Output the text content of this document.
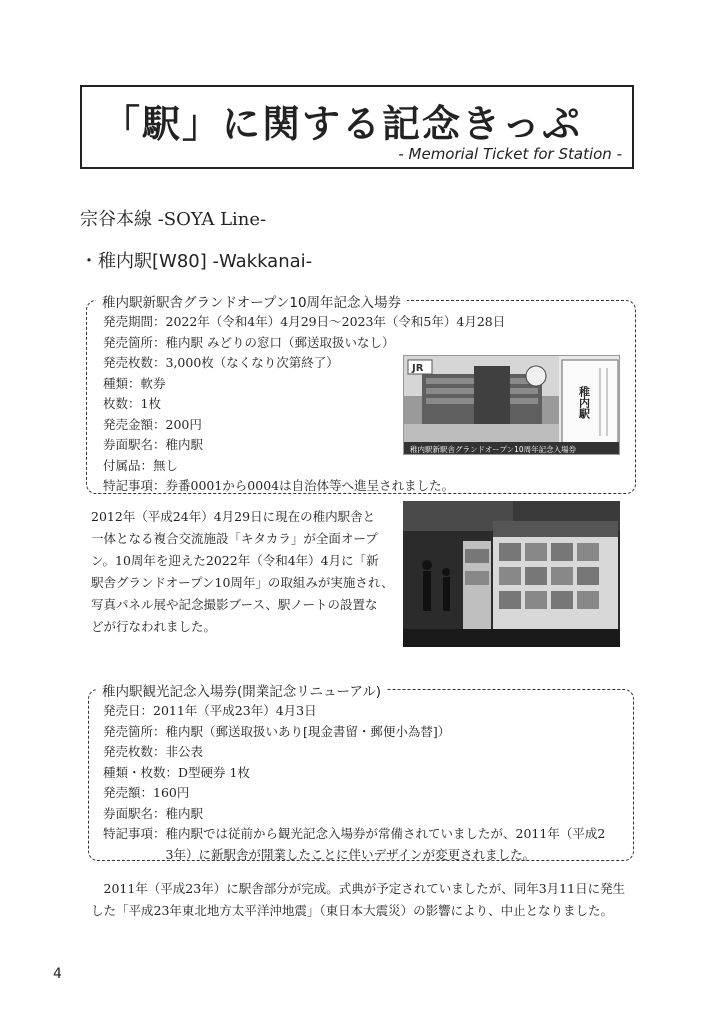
「駅」に関する記念きっぷ
- Memorial Ticket for Station -
宗谷本線 -SOYA Line-
・稚内駅[W80] -Wakkanai-
稚内駅新駅舎グランドオープン10周年記念入場券
発売期間：2022年（令和4年）4月29日～2023年（令和5年）4月28日
発売箇所：稚内駅 みどりの窓口（郵送取扱いなし）
発売枚数：3,000枚（なくなり次第終了）
種類：軟券
枚数：1枚
発売金額：200円
券面駅名：稚内駅
付属品：無し
特記事項：券番0001から0004は自治体等へ進呈されました。
JR
稚内駅
稚内駅新駅舎グランドオープン10周年記念入場券
2012年（平成24年）4月29日に現在の稚内駅舎と
一体となる複合交流施設「キタカラ」が全面オープ
ン。10周年を迎えた2022年（令和4年）4月に「新
駅舎グランドオープン10周年」の取組みが実施され、
写真パネル展や記念撮影ブース、駅ノートの設置な
どが行なわれました。
稚内駅観光記念入場券(開業記念リニューアル)
発売日：2011年（平成23年）4月3日
発売箇所：稚内駅（郵送取扱いあり[現金書留・郵便小為替]）
発売枚数：非公表
種類・枚数：D型硬券 1枚
発売額：160円
券面駅名：稚内駅
特記事項：稚内駅では従前から観光記念入場券が常備されていましたが、2011年（平成2
　　　　　3年）に新駅舎が開業したことに伴いデザインが変更されました。
　2011年（平成23年）に駅舎部分が完成。式典が予定されていましたが、同年3月11日に発生
した「平成23年東北地方太平洋沖地震」（東日本大震災）の影響により、中止となりました。
4
